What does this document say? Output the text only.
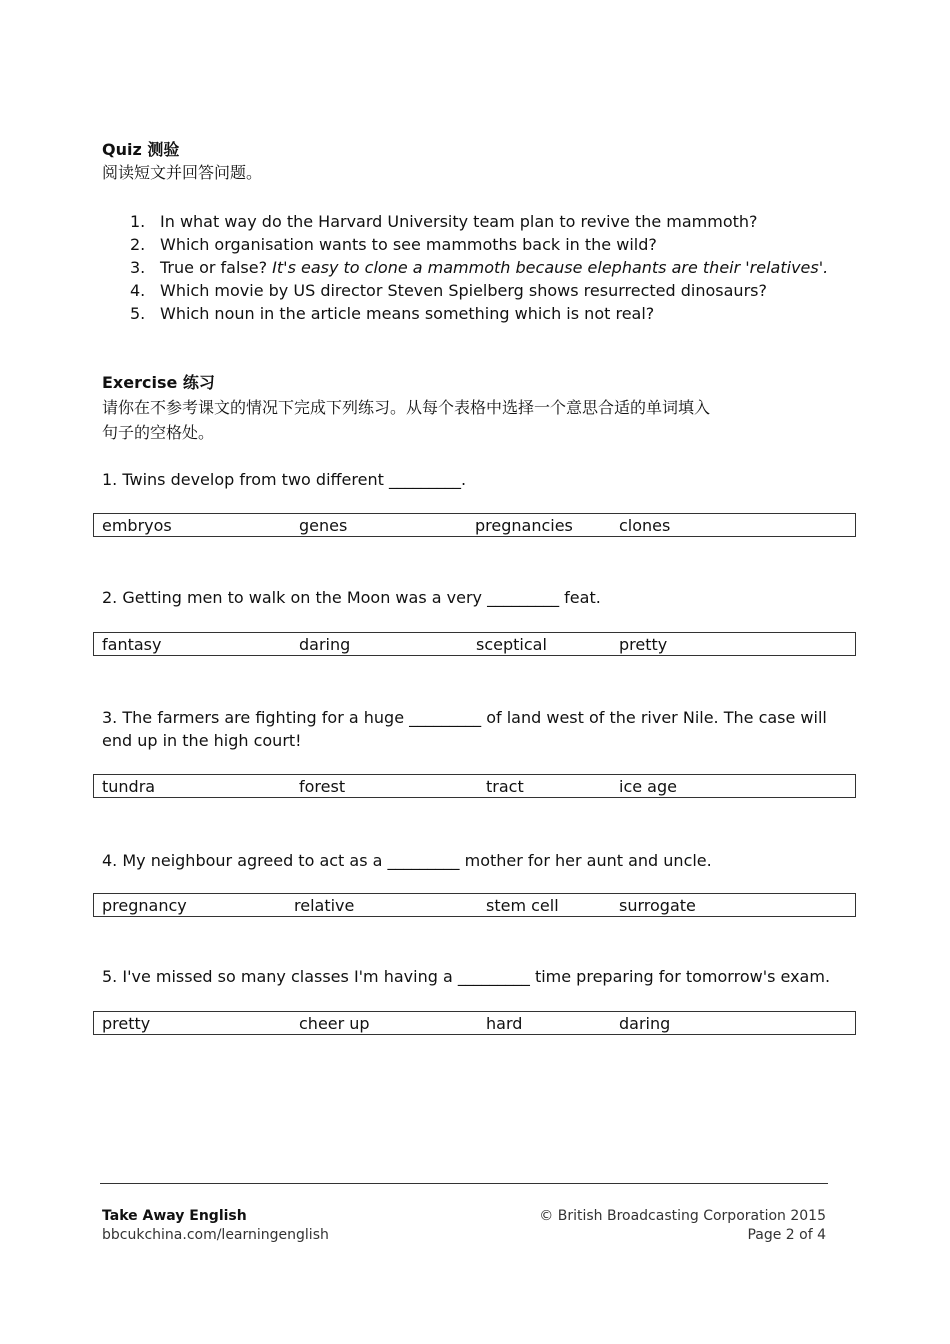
Quiz 测验
阅读短文并回答问题。
1. In what way do the Harvard University team plan to revive the mammoth?
2. Which organisation wants to see mammoths back in the wild?
3. True or false? It's easy to clone a mammoth because elephants are their 'relatives'.
4. Which movie by US director Steven Spielberg shows resurrected dinosaurs?
5. Which noun in the article means something which is not real?
Exercise 练习
请你在不参考课文的情况下完成下列练习。从每个表格中选择一个意思合适的单词填入
句子的空格处。
1. Twins develop from two different _________.
embryos	genes	pregnancies	clones
2. Getting men to walk on the Moon was a very _________ feat.
fantasy	daring	sceptical	pretty
3. The farmers are fighting for a huge _________ of land west of the river Nile. The case will end up in the high court!
tundra	forest	tract	ice age
4. My neighbour agreed to act as a _________ mother for her aunt and uncle.
pregnancy	relative	stem cell	surrogate
5. I've missed so many classes I'm having a _________ time preparing for tomorrow's exam.
pretty	cheer up	hard	daring
Take Away English
bbcukchina.com/learningenglish
© British Broadcasting Corporation 2015
Page 2 of 4
